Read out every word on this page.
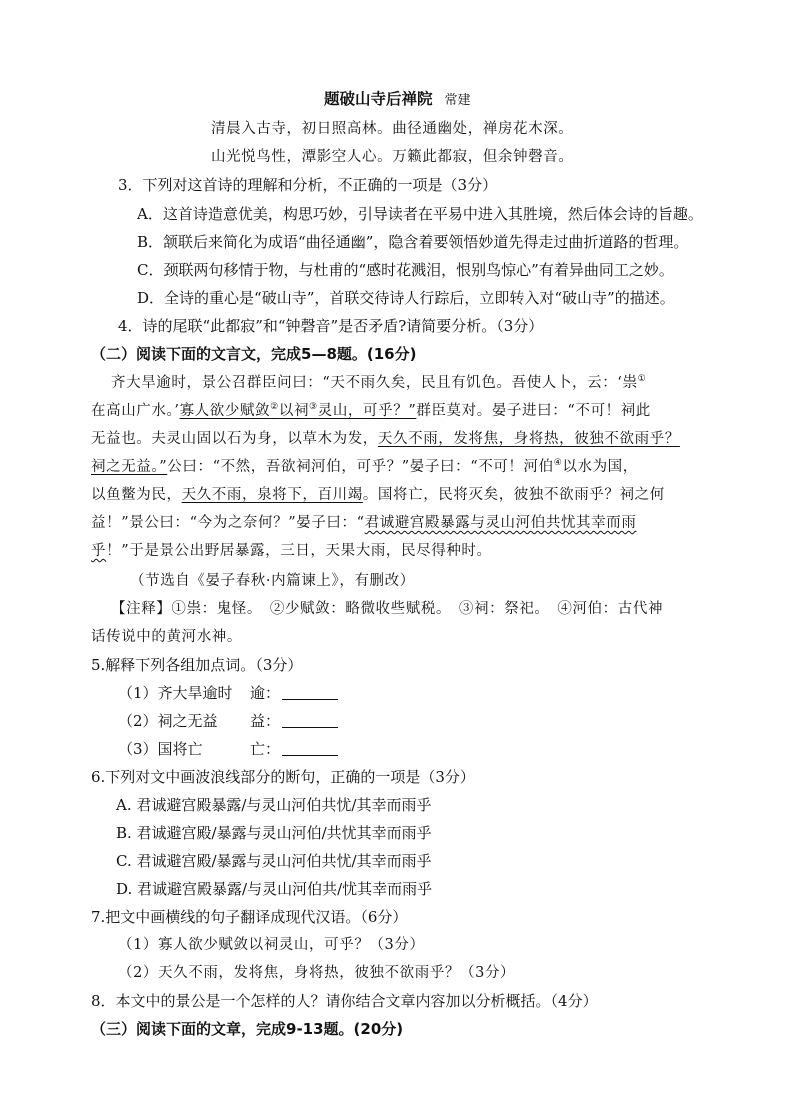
题破山寺后禅院 常建
清晨入古寺，初日照高林。曲径通幽处，禅房花木深。
山光悦鸟性，潭影空人心。万籁此都寂，但余钟磬音。
3．下列对这首诗的理解和分析，不正确的一项是（3分）
A．这首诗造意优美，构思巧妙，引导读者在平易中进入其胜境，然后体会诗的旨趣。
B．颔联后来简化为成语“曲径通幽”，隐含着要领悟妙道先得走过曲折道路的哲理。
C．颈联两句移情于物，与杜甫的“感时花溅泪，恨别鸟惊心”有着异曲同工之妙。
D．全诗的重心是“破山寺”，首联交待诗人行踪后，立即转入对“破山寺”的描述。
4．诗的尾联“此都寂”和“钟磬音”是否矛盾?请简要分析。（3分）
（二）阅读下面的文言文，完成5—8题。(16分)
齐大旱逾时，景公召群臣问曰：“天不雨久矣，民且有饥色。吾使人卜，云：‘祟①
在高山广水。’寡人欲少赋敛②以祠③灵山，可乎？”群臣莫对。晏子进曰：“不可！祠此
无益也。夫灵山固以石为身，以草木为发，天久不雨，发将焦，身将热，彼独不欲雨乎？
祠之无益。”公曰：“不然，吾欲祠河伯，可乎？”晏子曰：“不可！河伯④以水为国，
以鱼鳖为民，天久不雨，泉将下，百川竭。国将亡，民将灭矣，彼独不欲雨乎？祠之何
益！”景公曰：“今为之奈何？”晏子曰：“君诚避宫殿暴露与灵山河伯共忧其幸而雨
乎！”于是景公出野居暴露，三日，天果大雨，民尽得种时。
（节选自《晏子春秋·内篇谏上》，有删改）
【注释】①祟：鬼怪。　②少赋敛：略微收些赋税。　③祠：祭祀。　④河伯：古代神
话传说中的黄河水神。
5.解释下列各组加点词。（3分）
（1）齐大旱逾时 逾：
（2）祠之无益 益：
（3）国将亡	亡：
6.下列对文中画波浪线部分的断句，正确的一项是（3分）
A. 君诚避宫殿暴露/与灵山河伯共忧/其幸而雨乎
B. 君诚避宫殿/暴露与灵山河伯/共忧其幸而雨乎
C. 君诚避宫殿/暴露与灵山河伯共忧/其幸而雨乎
D. 君诚避宫殿暴露/与灵山河伯共/忧其幸而雨乎
7.把文中画横线的句子翻译成现代汉语。（6分）
（1）寡人欲少赋敛以祠灵山，可乎？（3分）
（2）天久不雨，发将焦，身将热，彼独不欲雨乎？（3分）
8．本文中的景公是一个怎样的人？请你结合文章内容加以分析概括。（4分）
（三）阅读下面的文章，完成9-13题。(20分)
